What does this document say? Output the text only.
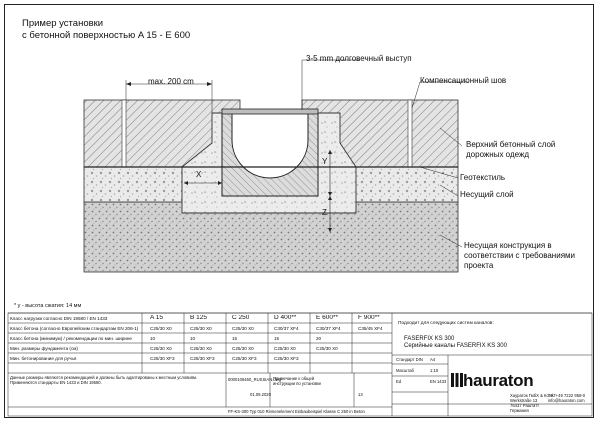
Пример установки
с бетонной поверхностью A 15 - E 600
max. 200 cm
3-5 mm долговечный выступ
Компенсационный шов
Верхний бетонный слой
дорожных одежд
Геотекстиль
Несущий слой
Несущая конструкция в
соответствии с требованиями
проекта
X
Y
Z
* у - высота сжатия: 14 мм
Класс нагрузки согласно DIN 19580 / EN 1433	A 15	B 125	C 250	D 400**	E 600**	F 900**
Класс бетона (согласно Европейским стандартам EN 206-1)	C25/30 X0	C25/30 X0	C25/30 X0	C30/37 XF4	C30/37 XF4	C35/45 XF4
Класс бетона (минимум) / рекомендации по мин. ширине	10	10	15	15	20
Мин. размеры фундамента (см)	C25/30 X0	C25/30 X0	C25/30 X0	C25/30 X0	C25/30 X0
Мин. бетонирование для ручья	C25/30 XF3	C25/30 XF3	C25/30 XF3	C25/30 XF3
Данные размеры являются рекомендацией и должны быть адаптированы к местным условиям. Применяются стандарты EN 1433 и DIN 19580.
0000106460_RUSSIAN.dwg
01.09.2020
Примечание к общей
инструкции по установке
13
FF-KS-300 Typ 010 Rinnenelement Einbaubeispiel Klasse C 250 in Beton
Подходит для следующих систем каналов:
FASERFIX KS 300
Серийные каналы FASERFIX KS 300
Стандарт DIN A4
Масштаб	1:10
Ed	EN 1433 hauraton
Хаураток ГмбХ & Ко. КГ
Werkstraße 13
76437 Раштатт
Германия
Tel. +49 7222 958-0
info@hauraton.com
